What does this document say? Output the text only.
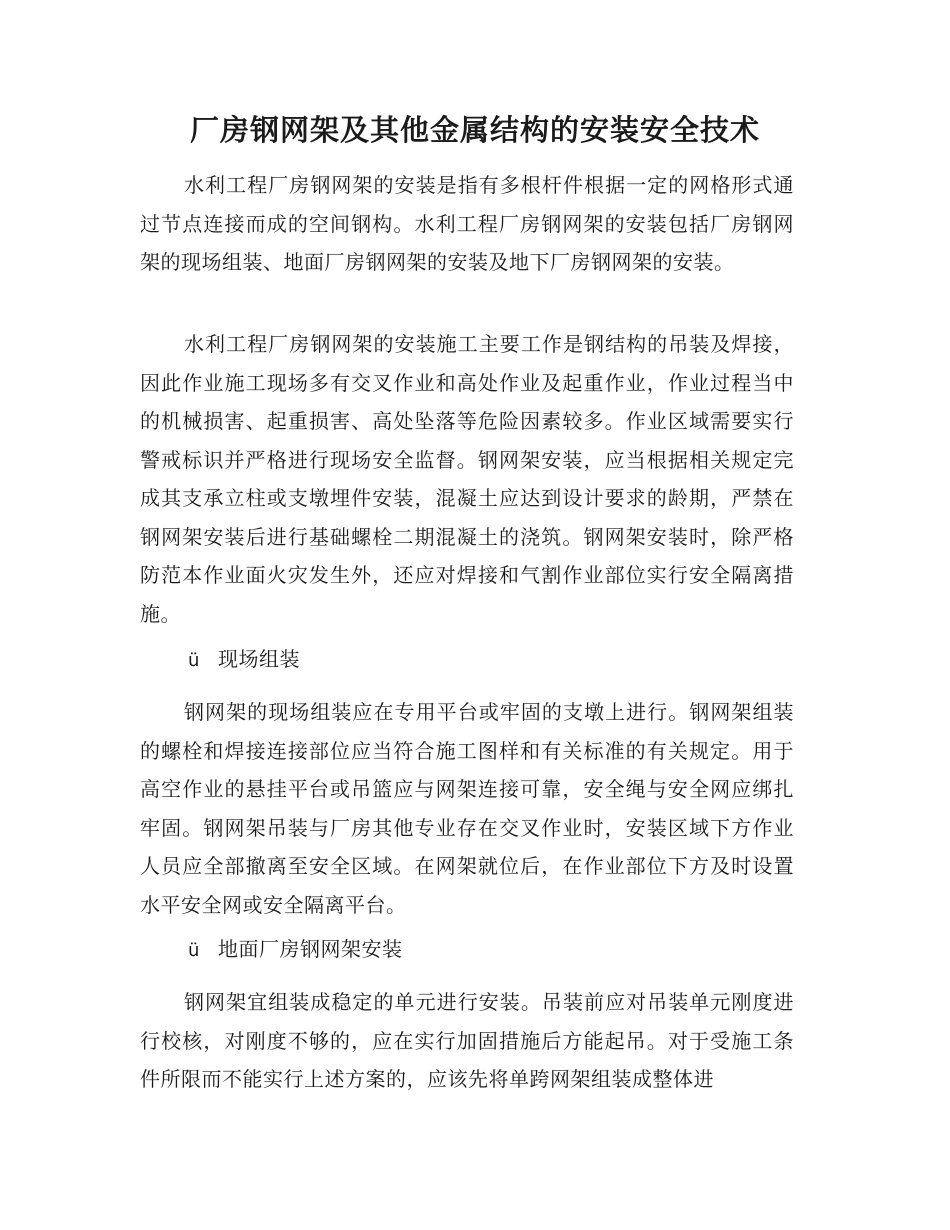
厂房钢网架及其他金属结构的安装安全技术

水利工程厂房钢网架的安装是指有多根杆件根据一定的网格形式通过节点连接而成的空间钢构。水利工程厂房钢网架的安装包括厂房钢网架的现场组装、地面厂房钢网架的安装及地下厂房钢网架的安装。

水利工程厂房钢网架的安装施工主要工作是钢结构的吊装及焊接，因此作业施工现场多有交叉作业和高处作业及起重作业，作业过程当中的机械损害、起重损害、高处坠落等危险因素较多。作业区域需要实行警戒标识并严格进行现场安全监督。钢网架安装，应当根据相关规定完成其支承立柱或支墩埋件安装，混凝土应达到设计要求的龄期，严禁在钢网架安装后进行基础螺栓二期混凝土的浇筑。钢网架安装时，除严格防范本作业面火灾发生外，还应对焊接和气割作业部位实行安全隔离措施。

ü 现场组装

钢网架的现场组装应在专用平台或牢固的支墩上进行。钢网架组装的螺栓和焊接连接部位应当符合施工图样和有关标准的有关规定。用于高空作业的悬挂平台或吊篮应与网架连接可靠，安全绳与安全网应绑扎牢固。钢网架吊装与厂房其他专业存在交叉作业时，安装区域下方作业人员应全部撤离至安全区域。在网架就位后，在作业部位下方及时设置水平安全网或安全隔离平台。

ü 地面厂房钢网架安装

钢网架宜组装成稳定的单元进行安装。吊装前应对吊装单元刚度进行校核，对刚度不够的，应在实行加固措施后方能起吊。对于受施工条件所限而不能实行上述方案的，应该先将单跨网架组装成整体进
